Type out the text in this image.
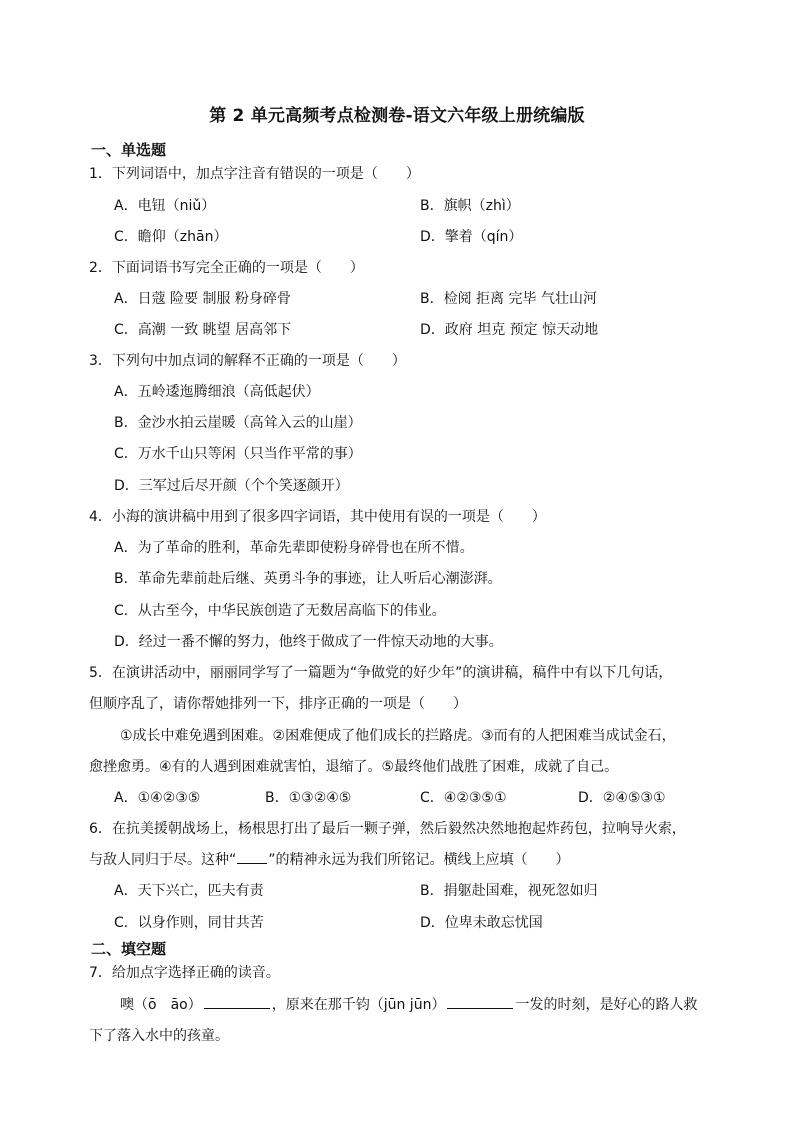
第 2 单元高频考点检测卷-语文六年级上册统编版
一、单选题
1．下列词语中，加点字注音有错误的一项是（　　）
A．电钮（niǔ）	B．旗帜（zhì）
C．瞻仰（zhān）	D．擎着（qín）
2．下面词语书写完全正确的一项是（　　）
A．日蔻 险要 制服 粉身碎骨	B．检阅 拒离 完毕 气壮山河
C．高潮 一致 眺望 居高邻下	D．政府 坦克 预定 惊天动地
3．下列句中加点词的解释不正确的一项是（　　）
A．五岭逶迤腾细浪（高低起伏）
B．金沙水拍云崖暖（高耸入云的山崖）
C．万水千山只等闲（只当作平常的事）
D．三军过后尽开颜（个个笑逐颜开）
4．小海的演讲稿中用到了很多四字词语，其中使用有误的一项是（　　）
A．为了革命的胜利，革命先辈即使粉身碎骨也在所不惜。
B．革命先辈前赴后继、英勇斗争的事迹，让人听后心潮澎湃。
C．从古至今，中华民族创造了无数居高临下的伟业。
D．经过一番不懈的努力，他终于做成了一件惊天动地的大事。
5．在演讲活动中，丽丽同学写了一篇题为“争做党的好少年”的演讲稿，稿件中有以下几句话，
但顺序乱了，请你帮她排列一下，排序正确的一项是（　　）
①成长中难免遇到困难。②困难便成了他们成长的拦路虎。③而有的人把困难当成试金石，
愈挫愈勇。④有的人遇到困难就害怕，退缩了。⑤最终他们战胜了困难，成就了自己。
A．①④②③⑤	B．①③②④⑤	C．④②③⑤①	D．②④⑤③①
6．在抗美援朝战场上，杨根思打出了最后一颗子弹，然后毅然决然地抱起炸药包，拉响导火索，
与敌人同归于尽。这种“ ”的精神永远为我们所铭记。横线上应填（　　）
A．天下兴亡，匹夫有责	B．捐躯赴国难，视死忽如归
C．以身作则，同甘共苦	D．位卑未敢忘忧国
二、填空题
7．给加点字选择正确的读音。
噢（ō　āo）	，原来在那千钧（jūn jūn）	一发的时刻，是好心的路人救
下了落入水中的孩童。
